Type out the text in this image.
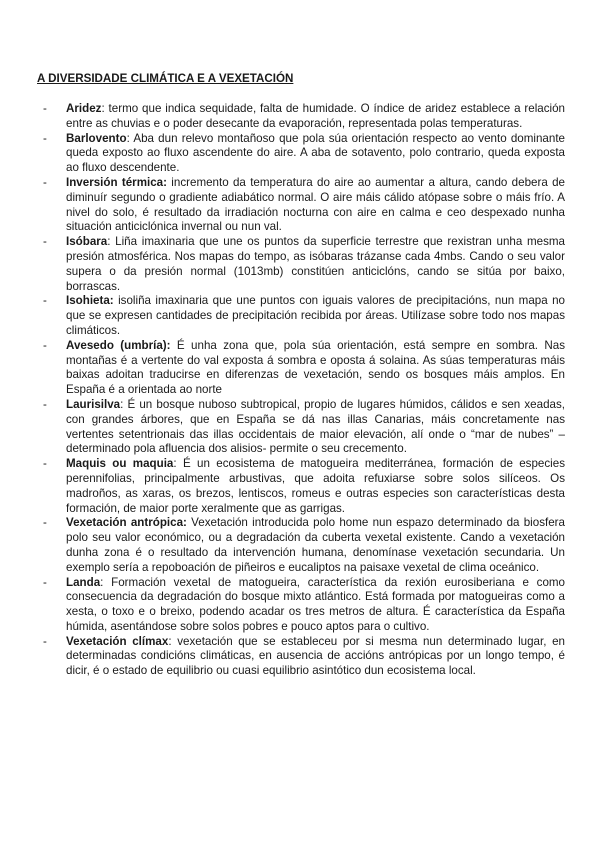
A DIVERSIDADE CLIMÁTICA E A VEXETACIÓN
- Aridez: termo que indica sequidade, falta de humidade. O índice de aridez establece a relación entre as chuvias e o poder desecante da evaporación, representada polas temperaturas.
- Barlovento: Aba dun relevo montañoso que pola súa orientación respecto ao vento dominante queda exposto ao fluxo ascendente do aire. A aba de sotavento, polo contrario, queda exposta ao fluxo descendente.
- Inversión térmica: incremento da temperatura do aire ao aumentar a altura, cando debera de diminuír segundo o gradiente adiabático normal. O aire máis cálido atópase sobre o máis frío. A nivel do solo, é resultado da irradiación nocturna con aire en calma e ceo despexado nunha situación anticiclónica invernal ou nun val.
- Isóbara: Liña imaxinaria que une os puntos da superficie terrestre que rexistran unha mesma presión atmosférica. Nos mapas do tempo, as isóbaras trázanse cada 4mbs. Cando o seu valor supera o da presión normal (1013mb) constitúen anticiclóns, cando se sitúa por baixo, borrascas.
- Isohieta: isoliña imaxinaria que une puntos con iguais valores de precipitacións, nun mapa no que se expresen cantidades de precipitación recibida por áreas. Utilízase sobre todo nos mapas climáticos.
- Avesedo (umbría): É unha zona que, pola súa orientación, está sempre en sombra. Nas montañas é a vertente do val exposta á sombra e oposta á solaina. As súas temperaturas máis baixas adoitan traducirse en diferenzas de vexetación, sendo os bosques máis amplos. En España é a orientada ao norte
- Laurisilva: É un bosque nuboso subtropical, propio de lugares húmidos, cálidos e sen xeadas, con grandes árbores, que en España se dá nas illas Canarias, máis concretamente nas vertentes setentrionais das illas occidentais de maior elevación, alí onde o “mar de nubes” –determinado pola afluencia dos alisios- permite o seu crecemento.
- Maquis ou maquia: É un ecosistema de matogueira mediterránea, formación de especies perennifolias, principalmente arbustivas, que adoita refuxiarse sobre solos silíceos. Os madroños, as xaras, os brezos, lentiscos, romeus e outras especies son características desta formación, de maior porte xeralmente que as garrigas.
- Vexetación antrópica: Vexetación introducida polo home nun espazo determinado da biosfera polo seu valor económico, ou a degradación da cuberta vexetal existente. Cando a vexetación dunha zona é o resultado da intervención humana, denomínase vexetación secundaria. Un exemplo sería a repoboación de piñeiros e eucaliptos na paisaxe vexetal de clima oceánico.
- Landa: Formación vexetal de matogueira, característica da rexión eurosiberiana e como consecuencia da degradación do bosque mixto atlántico. Está formada por matogueiras como a xesta, o toxo e o breixo, podendo acadar os tres metros de altura. É característica da España húmida, asentándose sobre solos pobres e pouco aptos para o cultivo.
- Vexetación clímax: vexetación que se estableceu por si mesma nun determinado lugar, en determinadas condicións climáticas, en ausencia de accións antrópicas por un longo tempo, é dicir, é o estado de equilibrio ou cuasi equilibrio asintótico dun ecosistema local.
